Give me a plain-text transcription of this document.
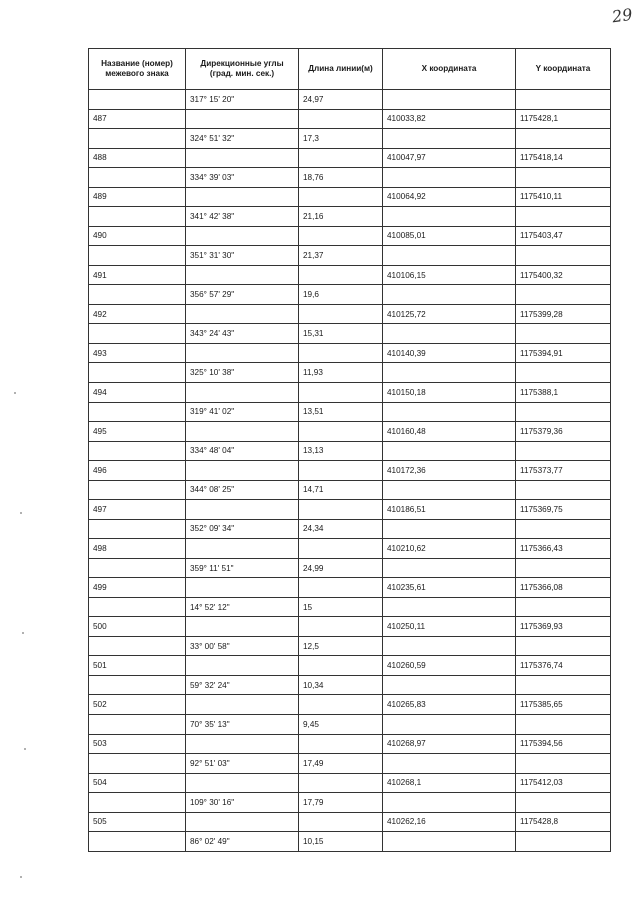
29
Название (номер) межевого знака	Дирекционные углы (град. мин. сек.)	Длина линии(м)	X координата	Y координата
	317° 15' 20"	24,97		
487			410033,82	1175428,1
	324° 51' 32"	17,3		
488			410047,97	1175418,14
	334° 39' 03"	18,76		
489			410064,92	1175410,11
	341° 42' 38"	21,16		
490			410085,01	1175403,47
	351° 31' 30"	21,37		
491			410106,15	1175400,32
	356° 57' 29"	19,6		
492			410125,72	1175399,28
	343° 24' 43"	15,31		
493			410140,39	1175394,91
	325° 10' 38"	11,93		
494			410150,18	1175388,1
	319° 41' 02"	13,51		
495			410160,48	1175379,36
	334° 48' 04"	13,13		
496			410172,36	1175373,77
	344° 08' 25"	14,71		
497			410186,51	1175369,75
	352° 09' 34"	24,34		
498			410210,62	1175366,43
	359° 11' 51"	24,99		
499			410235,61	1175366,08
	14° 52' 12"	15		
500			410250,11	1175369,93
	33° 00' 58"	12,5		
501			410260,59	1175376,74
	59° 32' 24"	10,34		
502			410265,83	1175385,65
	70° 35' 13"	9,45		
503			410268,97	1175394,56
	92° 51' 03"	17,49		
504			410268,1	1175412,03
	109° 30' 16"	17,79		
505			410262,16	1175428,8
	86° 02' 49"	10,15		
